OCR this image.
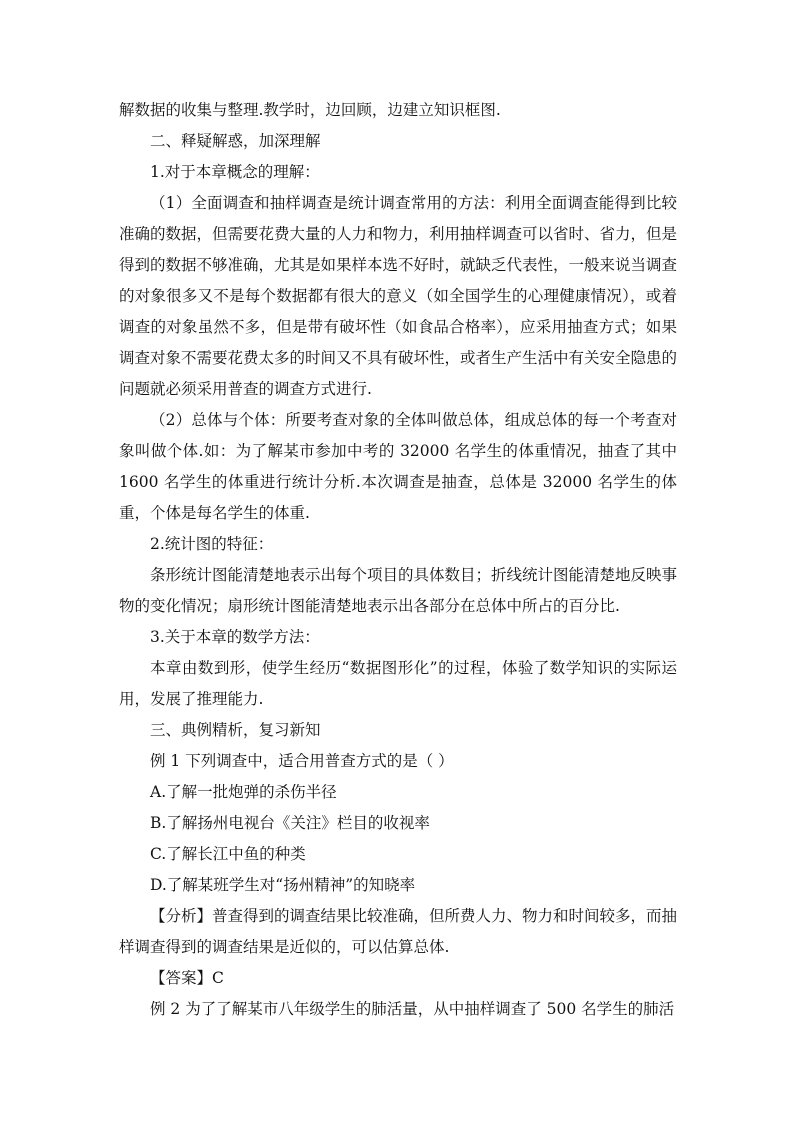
解数据的收集与整理.教学时，边回顾，边建立知识框图.

二、释疑解惑，加深理解

1.对于本章概念的理解：

（1）全面调查和抽样调查是统计调查常用的方法：利用全面调查能得到比较准确的数据，但需要花费大量的人力和物力，利用抽样调查可以省时、省力，但是得到的数据不够准确，尤其是如果样本选不好时，就缺乏代表性，一般来说当调查的对象很多又不是每个数据都有很大的意义（如全国学生的心理健康情况），或着调查的对象虽然不多，但是带有破坏性（如食品合格率），应采用抽查方式；如果调查对象不需要花费太多的时间又不具有破坏性，或者生产生活中有关安全隐患的问题就必须采用普查的调查方式进行.

（2）总体与个体：所要考查对象的全体叫做总体，组成总体的每一个考查对象叫做个体.如：为了解某市参加中考的 32000 名学生的体重情况，抽查了其中 1600 名学生的体重进行统计分析.本次调查是抽查，总体是 32000 名学生的体重，个体是每名学生的体重.

2.统计图的特征：

条形统计图能清楚地表示出每个项目的具体数目；折线统计图能清楚地反映事物的变化情况；扇形统计图能清楚地表示出各部分在总体中所占的百分比.

3.关于本章的数学方法：

本章由数到形，使学生经历“数据图形化”的过程，体验了数学知识的实际运用，发展了推理能力.

三、典例精析，复习新知

例 1 下列调查中，适合用普查方式的是（ ）

A.了解一批炮弹的杀伤半径

B.了解扬州电视台《关注》栏目的收视率

C.了解长江中鱼的种类

D.了解某班学生对“扬州精神”的知晓率

【分析】普查得到的调查结果比较准确，但所费人力、物力和时间较多，而抽样调查得到的调查结果是近似的，可以估算总体.

【答案】C

例 2 为了了解某市八年级学生的肺活量，从中抽样调查了 500 名学生的肺活
